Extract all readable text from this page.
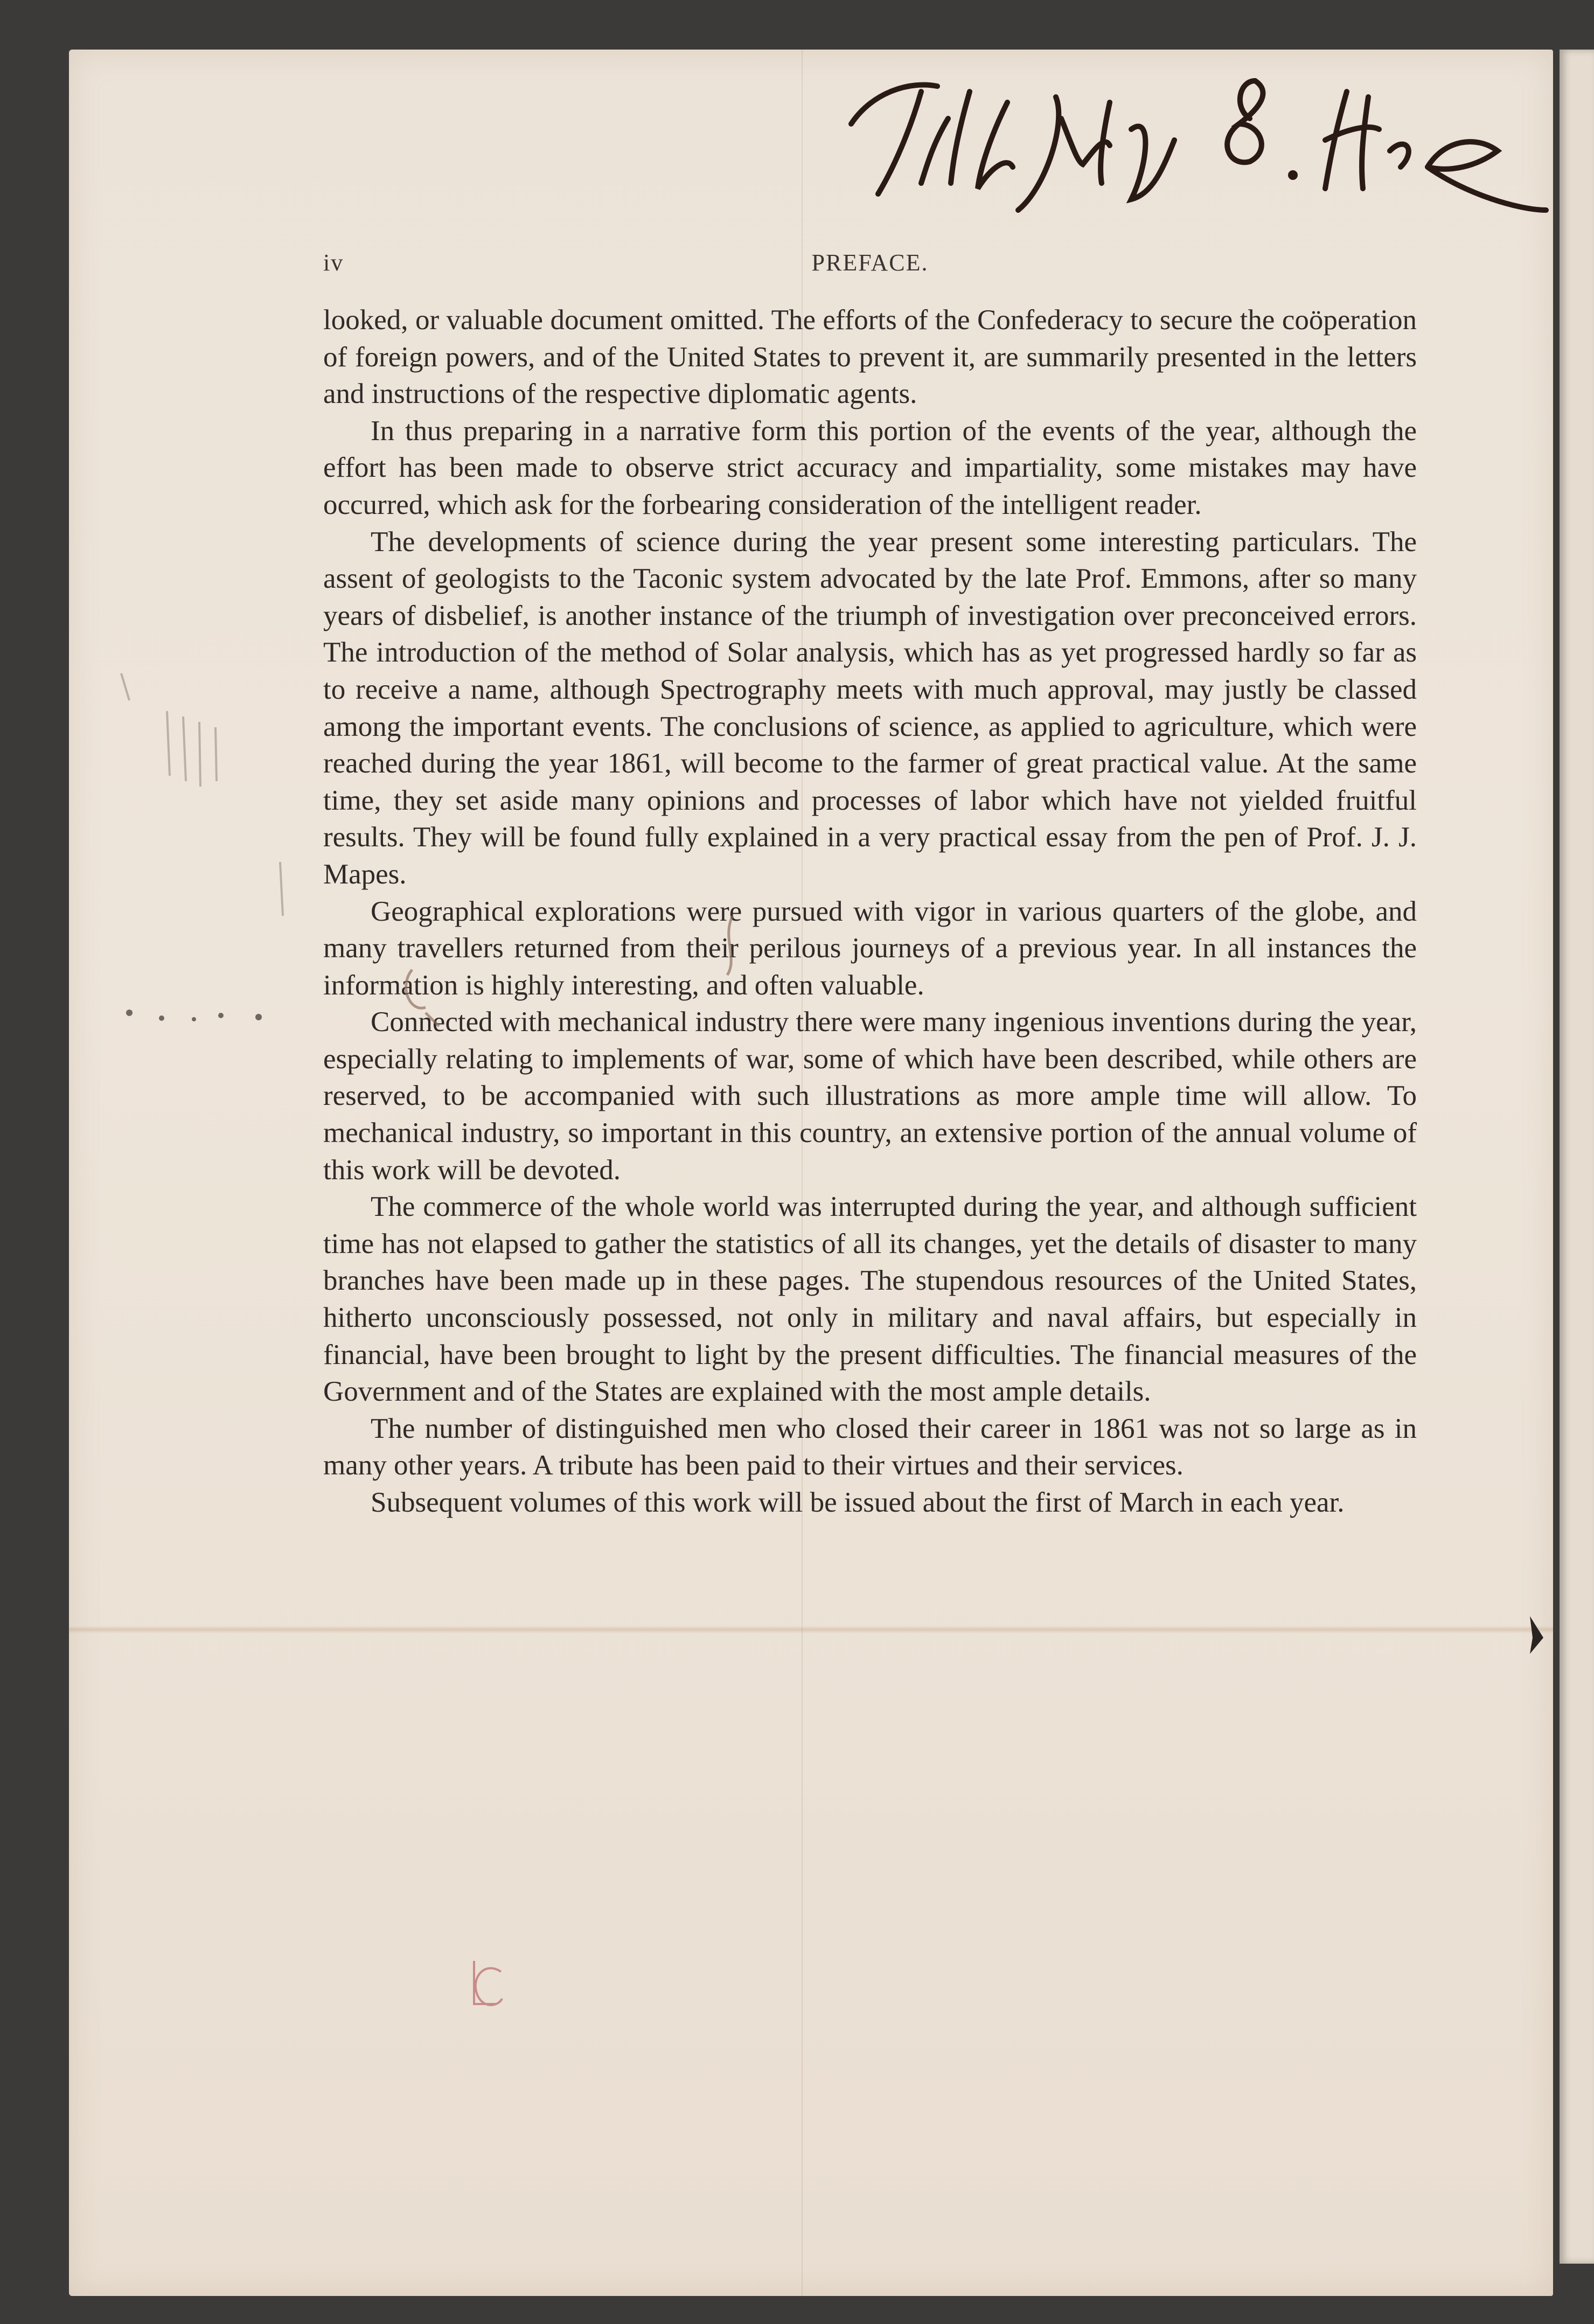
iv	PREFACE.

looked, or valuable document omitted. The efforts of the Confederacy to secure the coöperation of foreign powers, and of the United States to prevent it, are summarily presented in the letters and instructions of the respective diplomatic agents.

In thus preparing in a narrative form this portion of the events of the year, although the effort has been made to observe strict accuracy and impartiality, some mistakes may have occurred, which ask for the forbearing consideration of the intelligent reader.

The developments of science during the year present some interesting particulars. The assent of geologists to the Taconic system advocated by the late Prof. Emmons, after so many years of disbelief, is another instance of the triumph of investigation over preconceived errors. The introduction of the method of Solar analysis, which has as yet progressed hardly so far as to receive a name, although Spectrography meets with much approval, may justly be classed among the important events. The conclusions of science, as applied to agriculture, which were reached during the year 1861, will become to the farmer of great practical value. At the same time, they set aside many opinions and processes of labor which have not yielded fruitful results. They will be found fully explained in a very practical essay from the pen of Prof. J. J. Mapes.

Geographical explorations were pursued with vigor in various quarters of the globe, and many travellers returned from their perilous journeys of a previous year. In all instances the information is highly interesting, and often valuable.

Connected with mechanical industry there were many ingenious inventions during the year, especially relating to implements of war, some of which have been described, while others are reserved, to be accompanied with such illustrations as more ample time will allow. To mechanical industry, so important in this country, an extensive portion of the annual volume of this work will be devoted.

The commerce of the whole world was interrupted during the year, and although sufficient time has not elapsed to gather the statistics of all its changes, yet the details of disaster to many branches have been made up in these pages. The stupendous resources of the United States, hitherto unconsciously possessed, not only in military and naval affairs, but especially in financial, have been brought to light by the present difficulties. The financial measures of the Government and of the States are explained with the most ample details.

The number of distinguished men who closed their career in 1861 was not so large as in many other years. A tribute has been paid to their virtues and their services.

Subsequent volumes of this work will be issued about the first of March in each year.
